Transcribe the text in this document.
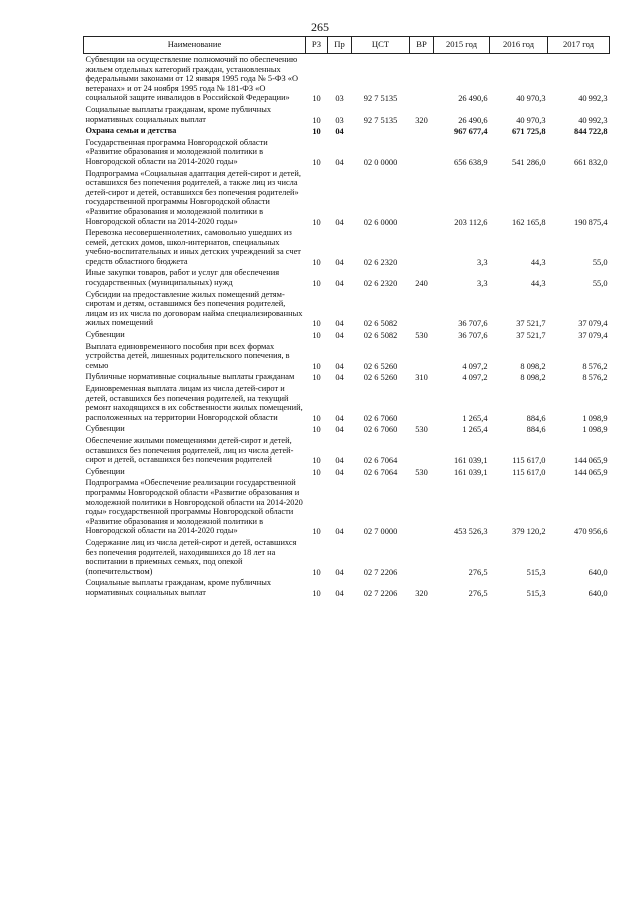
265
Наименование	РЗ	Пр	ЦСТ	ВР	2015 год	2016 год	2017 год
Субвенции на осуществление полномочий по обеспечению жильем отдельных категорий граждан, установленных федеральными законами от 12 января 1995 года № 5-ФЗ «О ветеранах» и от 24 ноября 1995 года № 181-ФЗ «О социальной защите инвалидов в Российской Федерации»	10	03	92 7 5135		26 490,6	40 970,3	40 992,3
Социальные выплаты гражданам, кроме публичных нормативных социальных выплат	10	03	92 7 5135	320	26 490,6	40 970,3	40 992,3
Охрана семьи и детства	10	04			967 677,4	671 725,8	844 722,8
Государственная программа Новгородской области «Развитие образования и молодежной политики в Новгородской области на 2014-2020 годы»	10	04	02 0 0000		656 638,9	541 286,0	661 832,0
Подпрограмма «Социальная адаптация детей-сирот и детей, оставшихся без попечения родителей, а также лиц из числа детей-сирот и детей, оставшихся без попечения родителей» государственной программы Новгородской области «Развитие образования и молодежной политики в Новгородской области на 2014-2020 годы»	10	04	02 6 0000		203 112,6	162 165,8	190 875,4
Перевозка несовершеннолетних, самовольно ушедших из семей, детских домов, школ-интернатов, специальных учебно-воспитательных и иных детских учреждений за счет средств областного бюджета	10	04	02 6 2320		3,3	44,3	55,0
Иные закупки товаров, работ и услуг для обеспечения государственных (муниципальных) нужд	10	04	02 6 2320	240	3,3	44,3	55,0
Субсидии на предоставление жилых помещений детям-сиротам и детям, оставшимся без попечения родителей, лицам из их числа по договорам найма специализированных жилых помещений	10	04	02 6 5082		36 707,6	37 521,7	37 079,4
Субвенции	10	04	02 6 5082	530	36 707,6	37 521,7	37 079,4
Выплата единовременного пособия при всех формах устройства детей, лишенных родительского попечения, в семью	10	04	02 6 5260		4 097,2	8 098,2	8 576,2
Публичные нормативные социальные выплаты гражданам	10	04	02 6 5260	310	4 097,2	8 098,2	8 576,2
Единовременная выплата лицам из числа детей-сирот и детей, оставшихся без попечения родителей, на текущий ремонт находящихся в их собственности жилых помещений, расположенных на территории Новгородской области	10	04	02 6 7060		1 265,4	884,6	1 098,9
Субвенции	10	04	02 6 7060	530	1 265,4	884,6	1 098,9
Обеспечение жилыми помещениями детей-сирот и детей, оставшихся без попечения родителей, лиц из числа детей-сирот и детей, оставшихся без попечения родителей	10	04	02 6 7064		161 039,1	115 617,0	144 065,9
Субвенции	10	04	02 6 7064	530	161 039,1	115 617,0	144 065,9
Подпрограмма «Обеспечение реализации государственной программы Новгородской области «Развитие образования и молодежной политики в Новгородской области на 2014-2020 годы» государственной программы Новгородской области «Развитие образования и молодежной политики в Новгородской области на 2014-2020 годы»	10	04	02 7 0000		453 526,3	379 120,2	470 956,6
Содержание лиц из числа детей-сирот и детей, оставшихся без попечения родителей, находившихся до 18 лет на воспитании в приемных семьях, под опекой (попечительством)	10	04	02 7 2206		276,5	515,3	640,0
Социальные выплаты гражданам, кроме публичных нормативных социальных выплат	10	04	02 7 2206	320	276,5	515,3	640,0
